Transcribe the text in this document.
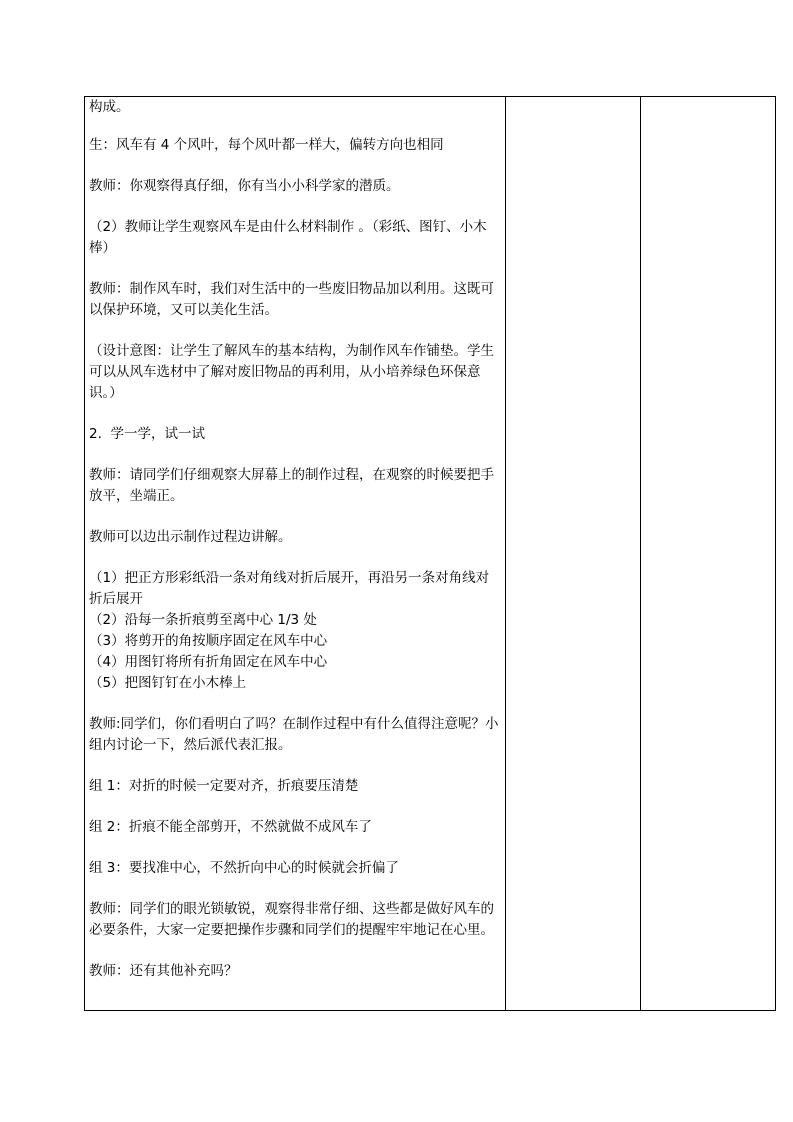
构成。

生：风车有 4 个风叶，每个风叶都一样大，偏转方向也相同

教师：你观察得真仔细，你有当小小科学家的潜质。

（2）教师让学生观察风车是由什么材料制作 。（彩纸、图钉、小木棒）

教师：制作风车时，我们对生活中的一些废旧物品加以利用。这既可以保护环境，又可以美化生活。

（设计意图：让学生了解风车的基本结构，为制作风车作铺垫。学生可以从风车选材中了解对废旧物品的再利用，从小培养绿色环保意识。）

2.  学一学，试一试

教师：请同学们仔细观察大屏幕上的制作过程，在观察的时候要把手放平，坐端正。

教师可以边出示制作过程边讲解。

（1）把正方形彩纸沿一条对角线对折后展开，再沿另一条对角线对折后展开

（2）沿每一条折痕剪至离中心 1/3 处

（3）将剪开的角按顺序固定在风车中心

（4）用图钉将所有折角固定在风车中心

（5）把图钉钉在小木棒上

教师:同学们，你们看明白了吗？在制作过程中有什么值得注意呢？小组内讨论一下，然后派代表汇报。

组 1：对折的时候一定要对齐，折痕要压清楚

组 2：折痕不能全部剪开，不然就做不成风车了

组 3：要找准中心，不然折向中心的时候就会折偏了

教师：同学们的眼光锁敏锐，观察得非常仔细、这些都是做好风车的必要条件，大家一定要把操作步骤和同学们的提醒牢牢地记在心里。

教师：还有其他补充吗？
